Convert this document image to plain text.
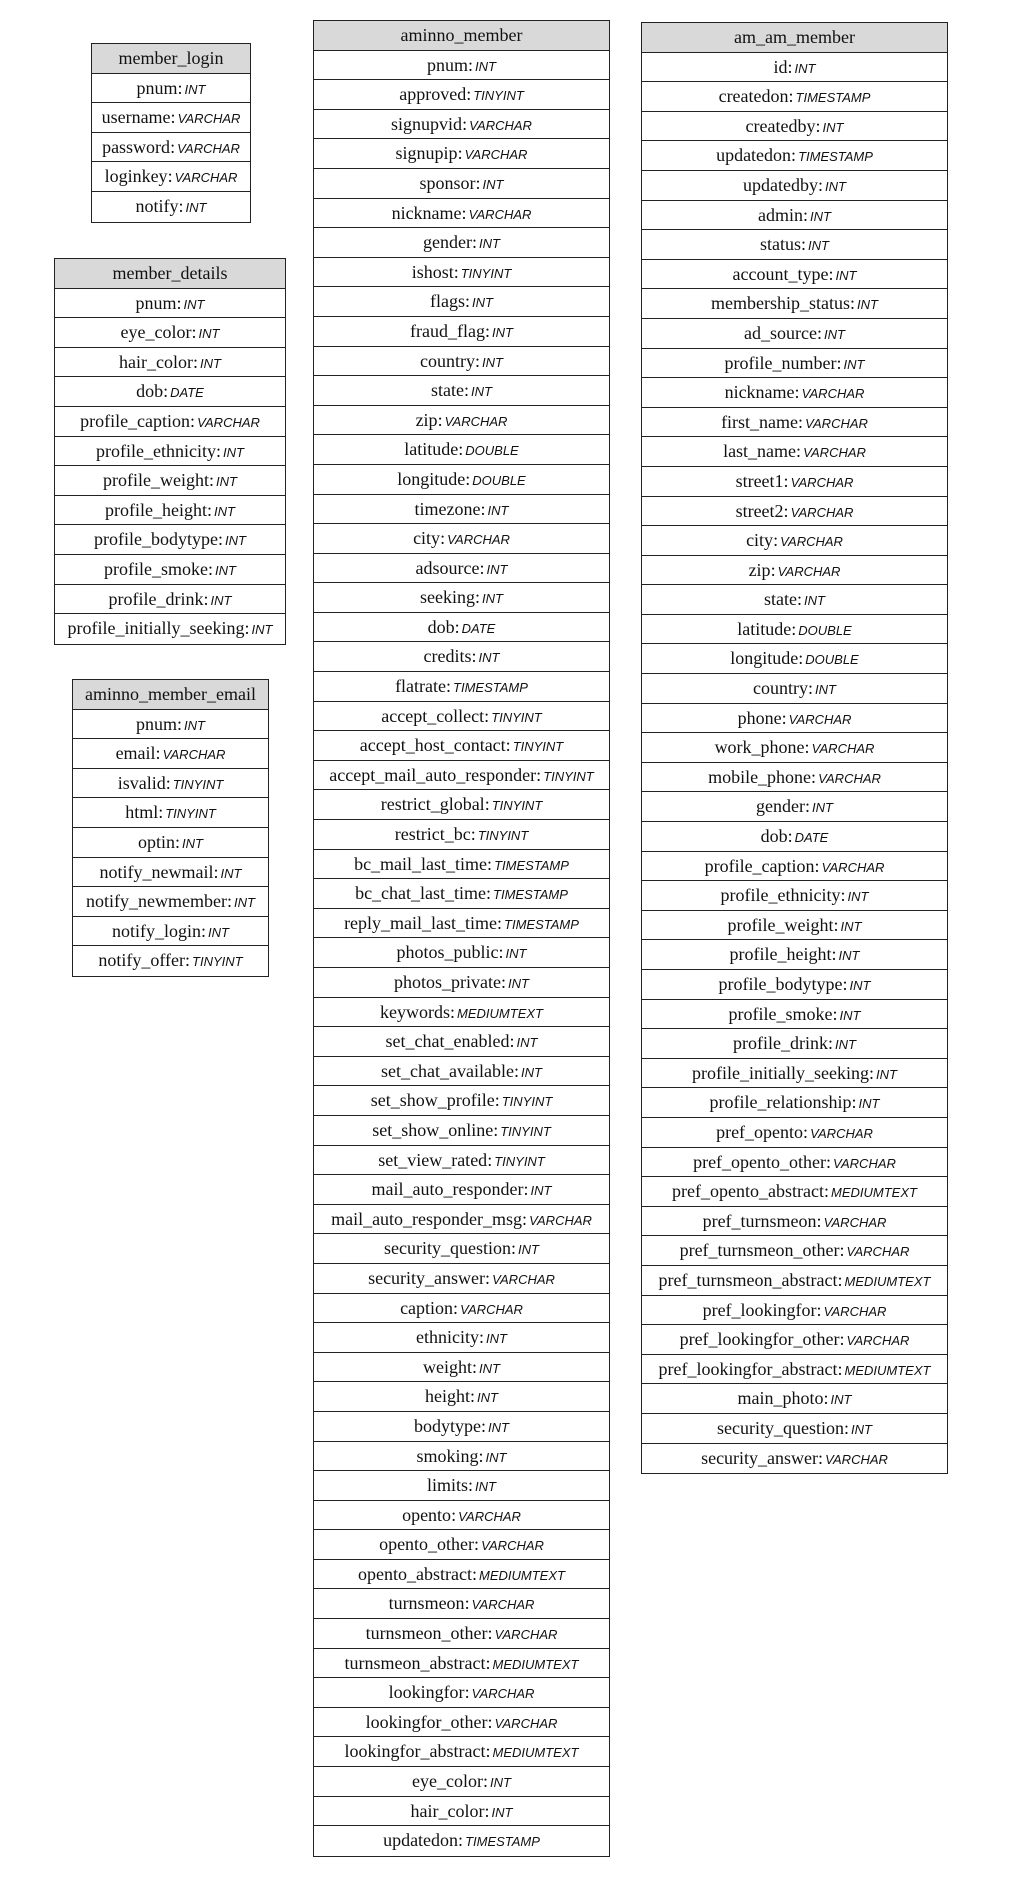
member_login
pnum: INT
username: VARCHAR
password: VARCHAR
loginkey: VARCHAR
notify: INT
member_details
pnum: INT
eye_color: INT
hair_color: INT
dob: DATE
profile_caption: VARCHAR
profile_ethnicity: INT
profile_weight: INT
profile_height: INT
profile_bodytype: INT
profile_smoke: INT
profile_drink: INT
profile_initially_seeking: INT
aminno_member_email
pnum: INT
email: VARCHAR
isvalid: TINYINT
html: TINYINT
optin: INT
notify_newmail: INT
notify_newmember: INT
notify_login: INT
notify_offer: TINYINT
aminno_member
pnum: INT
approved: TINYINT
signupvid: VARCHAR
signupip: VARCHAR
sponsor: INT
nickname: VARCHAR
gender: INT
ishost: TINYINT
flags: INT
fraud_flag: INT
country: INT
state: INT
zip: VARCHAR
latitude: DOUBLE
longitude: DOUBLE
timezone: INT
city: VARCHAR
adsource: INT
seeking: INT
dob: DATE
credits: INT
flatrate: TIMESTAMP
accept_collect: TINYINT
accept_host_contact: TINYINT
accept_mail_auto_responder: TINYINT
restrict_global: TINYINT
restrict_bc: TINYINT
bc_mail_last_time: TIMESTAMP
bc_chat_last_time: TIMESTAMP
reply_mail_last_time: TIMESTAMP
photos_public: INT
photos_private: INT
keywords: MEDIUMTEXT
set_chat_enabled: INT
set_chat_available: INT
set_show_profile: TINYINT
set_show_online: TINYINT
set_view_rated: TINYINT
mail_auto_responder: INT
mail_auto_responder_msg: VARCHAR
security_question: INT
security_answer: VARCHAR
caption: VARCHAR
ethnicity: INT
weight: INT
height: INT
bodytype: INT
smoking: INT
limits: INT
opento: VARCHAR
opento_other: VARCHAR
opento_abstract: MEDIUMTEXT
turnsmeon: VARCHAR
turnsmeon_other: VARCHAR
turnsmeon_abstract: MEDIUMTEXT
lookingfor: VARCHAR
lookingfor_other: VARCHAR
lookingfor_abstract: MEDIUMTEXT
eye_color: INT
hair_color: INT
updatedon: TIMESTAMP
am_am_member
id: INT
createdon: TIMESTAMP
createdby: INT
updatedon: TIMESTAMP
updatedby: INT
admin: INT
status: INT
account_type: INT
membership_status: INT
ad_source: INT
profile_number: INT
nickname: VARCHAR
first_name: VARCHAR
last_name: VARCHAR
street1: VARCHAR
street2: VARCHAR
city: VARCHAR
zip: VARCHAR
state: INT
latitude: DOUBLE
longitude: DOUBLE
country: INT
phone: VARCHAR
work_phone: VARCHAR
mobile_phone: VARCHAR
gender: INT
dob: DATE
profile_caption: VARCHAR
profile_ethnicity: INT
profile_weight: INT
profile_height: INT
profile_bodytype: INT
profile_smoke: INT
profile_drink: INT
profile_initially_seeking: INT
profile_relationship: INT
pref_opento: VARCHAR
pref_opento_other: VARCHAR
pref_opento_abstract: MEDIUMTEXT
pref_turnsmeon: VARCHAR
pref_turnsmeon_other: VARCHAR
pref_turnsmeon_abstract: MEDIUMTEXT
pref_lookingfor: VARCHAR
pref_lookingfor_other: VARCHAR
pref_lookingfor_abstract: MEDIUMTEXT
main_photo: INT
security_question: INT
security_answer: VARCHAR
